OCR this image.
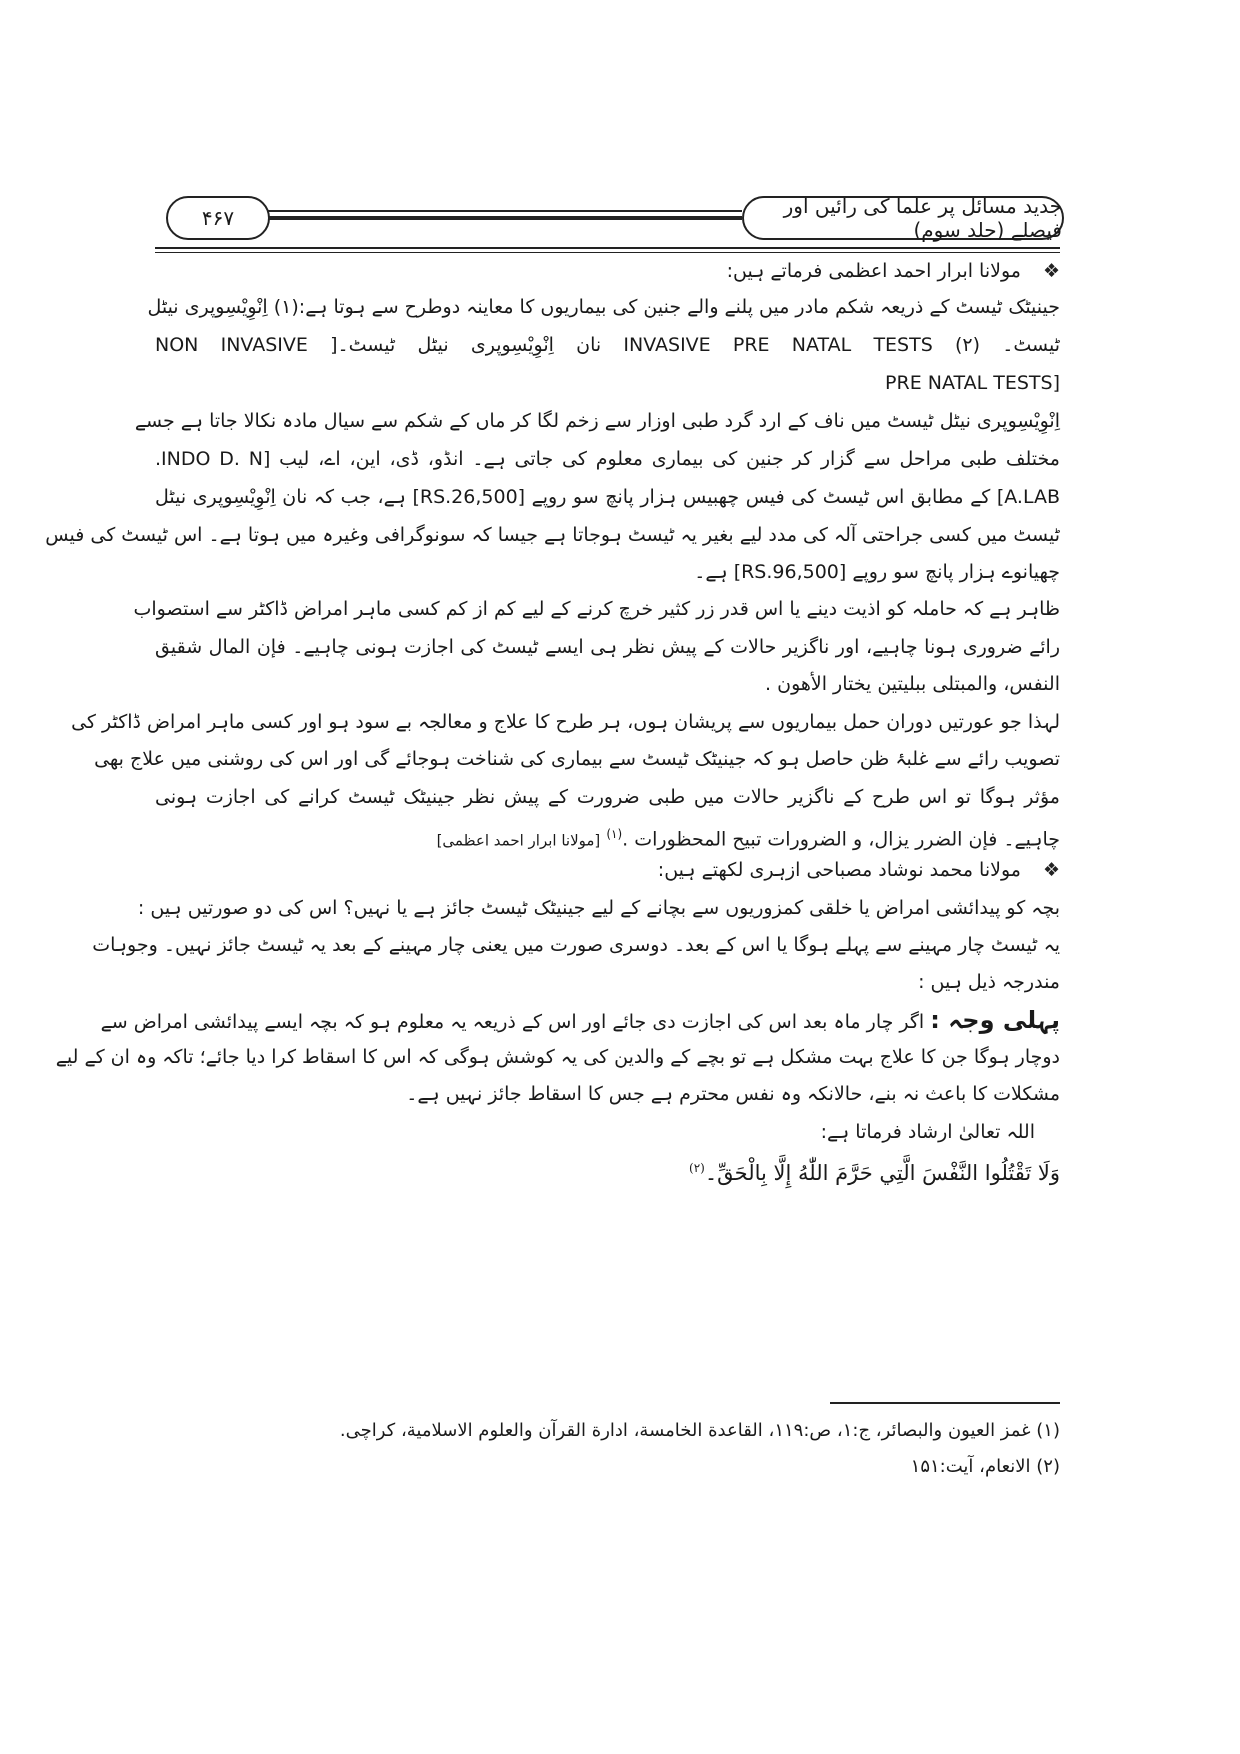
۴۶۷	جدید مسائل پر علما کی رائیں اور فیصلے (جلد سوم)
❖مولانا ابرار احمد اعظمی فرماتے ہیں:
جینیٹک ٹیسٹ کے ذریعہ شکم مادر میں پلنے والے جنین کی بیماریوں کا معاینہ دوطرح سے ہوتا ہے:(۱) اِنْوِیْسِوپری نیٹل
ٹیسٹ۔ INVASIVE PRE NATAL TESTS (۲) نان اِنْوِیْسِوپری نیٹل ٹیسٹ۔[ NON INVASIVE
[PRE NATAL TESTS
اِنْوِیْسِوپری نیٹل ٹیسٹ میں ناف کے ارد گرد طبی اوزار سے زخم لگا کر ماں کے شکم سے سیال مادہ نکالا جاتا ہے جسے
مختلف طبی مراحل سے گزار کر جنین کی بیماری معلوم کی جاتی ہے۔ انڈو، ڈی، این، اے، لیب [INDO D. N.
A.LAB] کے مطابق اس ٹیسٹ کی فیس چھبیس ہزار پانچ سو روپے [RS.26,500] ہے، جب کہ نان اِنْوِیْسِوپری نیٹل
ٹیسٹ میں کسی جراحتی آلہ کی مدد لیے بغیر یہ ٹیسٹ ہوجاتا ہے جیسا کہ سونوگرافی وغیرہ میں ہوتا ہے۔ اس ٹیسٹ کی فیس
چھیانوے ہزار پانچ سو روپے [RS.96,500] ہے۔
ظاہر ہے کہ حاملہ کو اذیت دینے یا اس قدر زر کثیر خرچ کرنے کے لیے کم از کم کسی ماہر امراض ڈاکٹر سے استصواب
رائے ضروری ہونا چاہیے، اور ناگزیر حالات کے پیش نظر ہی ایسے ٹیسٹ کی اجازت ہونی چاہیے۔ فإن المال شقيق
النفس، والمبتلى ببليتين يختار الأهون .
لہذا جو عورتیں دوران حمل بیماریوں سے پریشان ہوں، ہر طرح کا علاج و معالجہ بے سود ہو اور کسی ماہر امراض ڈاکٹر کی
تصویب رائے سے غلبۂ ظن حاصل ہو کہ جینیٹک ٹیسٹ سے بیماری کی شناخت ہوجائے گی اور اس کی روشنی میں علاج بھی
مؤثر ہوگا تو اس طرح کے ناگزیر حالات میں طبی ضرورت کے پیش نظر جینیٹک ٹیسٹ کرانے کی اجازت ہونی
چاہیے۔ فإن الضرر يزال، و الضرورات تبيح المحظورات .$^{(۱)}$ [مولانا ابرار احمد اعظمی]
❖مولانا محمد نوشاد مصباحی ازہری لکھتے ہیں:
بچہ کو پیدائشی امراض یا خلقی کمزوریوں سے بچانے کے لیے جینیٹک ٹیسٹ جائز ہے یا نہیں؟ اس کی دو صورتیں ہیں :
یہ ٹیسٹ چار مہینے سے پہلے ہوگا یا اس کے بعد۔ دوسری صورت میں یعنی چار مہینے کے بعد یہ ٹیسٹ جائز نہیں۔ وجوہات
مندرجہ ذیل ہیں :
پہلی وجہ : اگر چار ماہ بعد اس کی اجازت دی جائے اور اس کے ذریعہ یہ معلوم ہو کہ بچہ ایسے پیدائشی امراض سے
دوچار ہوگا جن کا علاج بہت مشکل ہے تو بچے کے والدین کی یہ کوشش ہوگی کہ اس کا اسقاط کرا دیا جائے؛ تاکہ وہ ان کے لیے
مشکلات کا باعث نہ بنے، حالانکہ وہ نفس محترم ہے جس کا اسقاط جائز نہیں ہے۔
اللہ تعالیٰ ارشاد فرماتا ہے:
وَلَا تَقْتُلُوا النَّفْسَ الَّتِي حَرَّمَ اللّٰهُ إِلَّا بِالْحَقِّ۔$^{(۲)}$
(۱) غمز العيون والبصائر، ج:۱، ص:۱۱۹، القاعدة الخامسة، ادارة القرآن والعلوم الاسلامية، كراچی.
(۲) الانعام، آیت:۱۵۱
